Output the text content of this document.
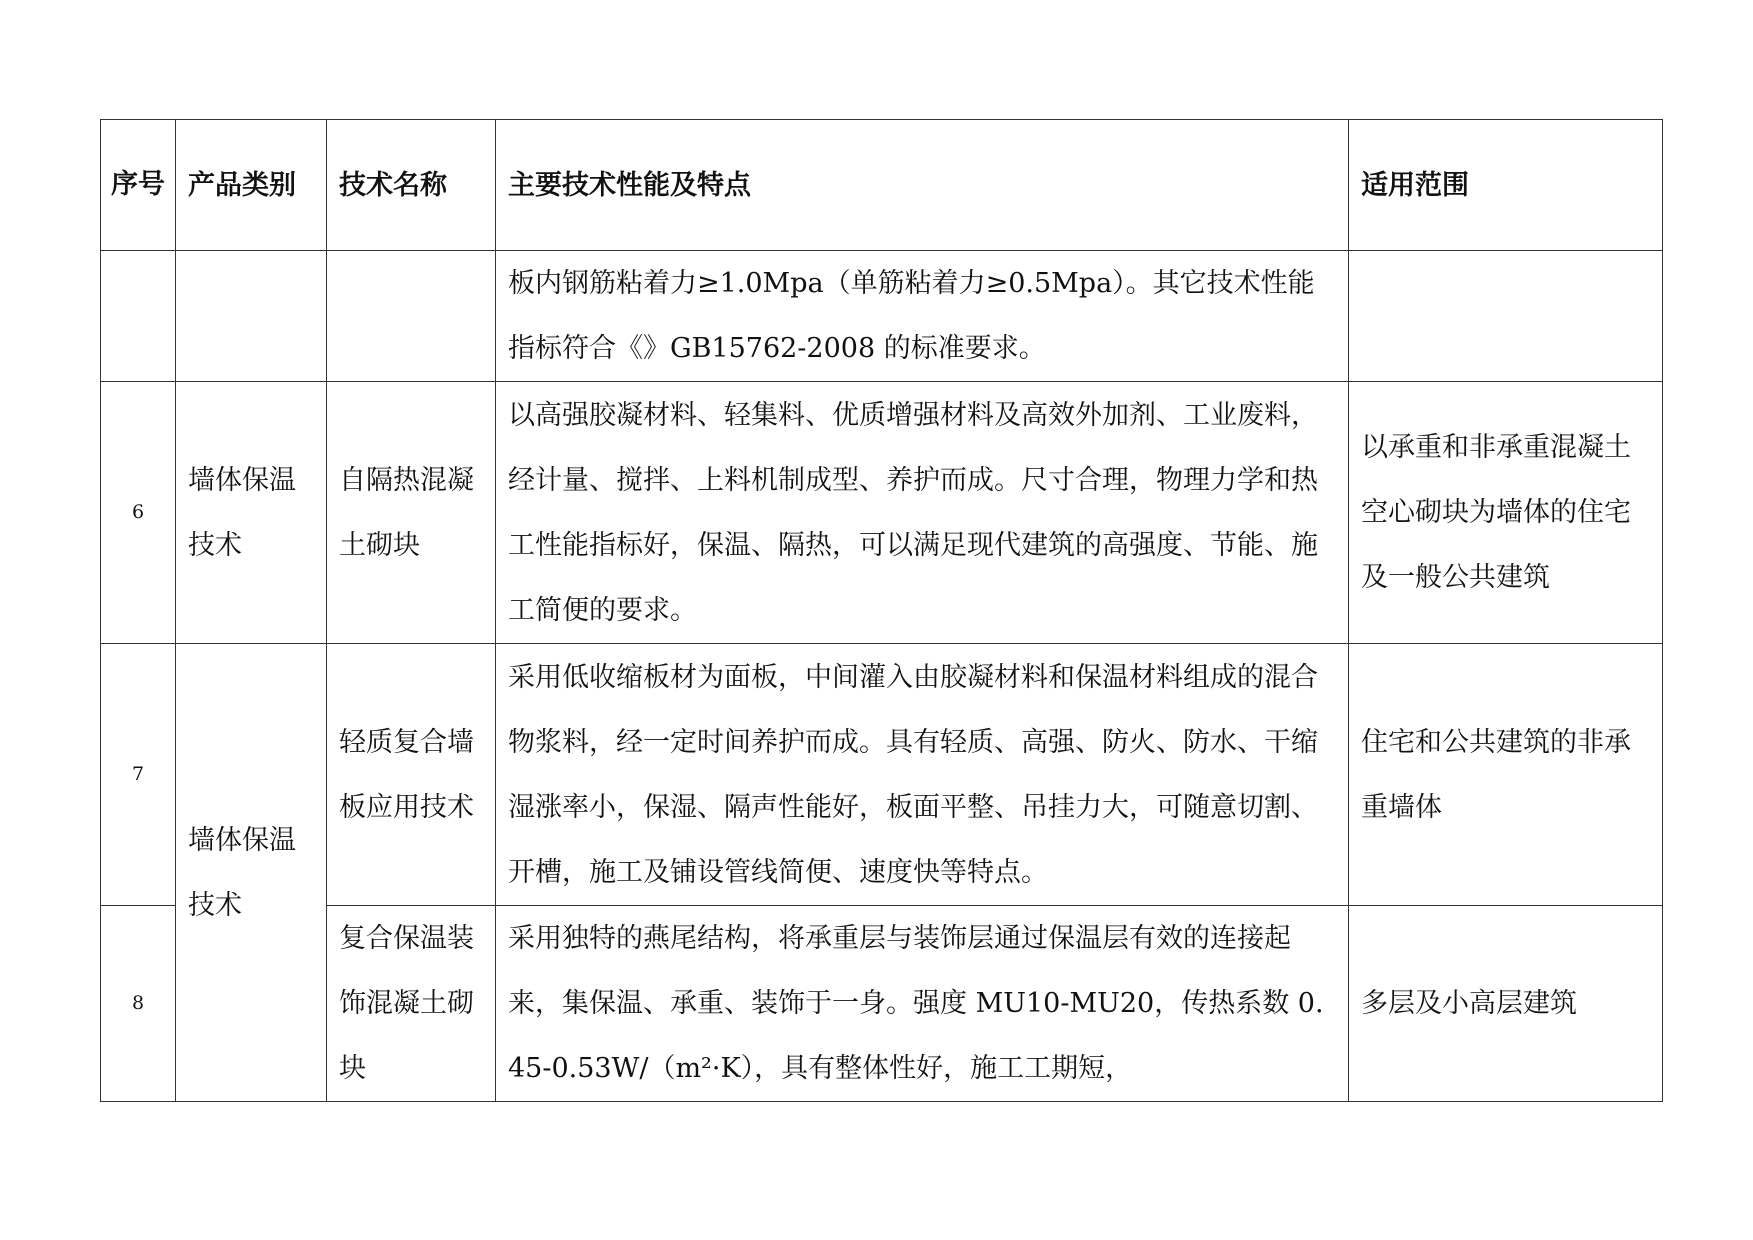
序号	产品类别	技术名称	主要技术性能及特点	适用范围
			板内钢筋粘着力≥1.0Mpa（单筋粘着力≥0.5Mpa）。其它技术性能指标符合《》GB15762-2008 的标准要求。	
6	墙体保温技术	自隔热混凝土砌块	以高强胶凝材料、轻集料、优质增强材料及高效外加剂、工业废料，经计量、搅拌、上料机制成型、养护而成。尺寸合理，物理力学和热工性能指标好，保温、隔热，可以满足现代建筑的高强度、节能、施工简便的要求。	以承重和非承重混凝土空心砌块为墙体的住宅及一般公共建筑
7	墙体保温技术	轻质复合墙板应用技术	采用低收缩板材为面板，中间灌入由胶凝材料和保温材料组成的混合物浆料，经一定时间养护而成。具有轻质、高强、防火、防水、干缩湿涨率小，保湿、隔声性能好，板面平整、吊挂力大，可随意切割、开槽，施工及铺设管线简便、速度快等特点。	住宅和公共建筑的非承重墙体
8		复合保温装饰混凝土砌块	采用独特的燕尾结构，将承重层与装饰层通过保温层有效的连接起来，集保温、承重、装饰于一身。强度 MU10-MU20，传热系数 0.45-0.53W/（m²·K），具有整体性好，施工工期短，	多层及小高层建筑
